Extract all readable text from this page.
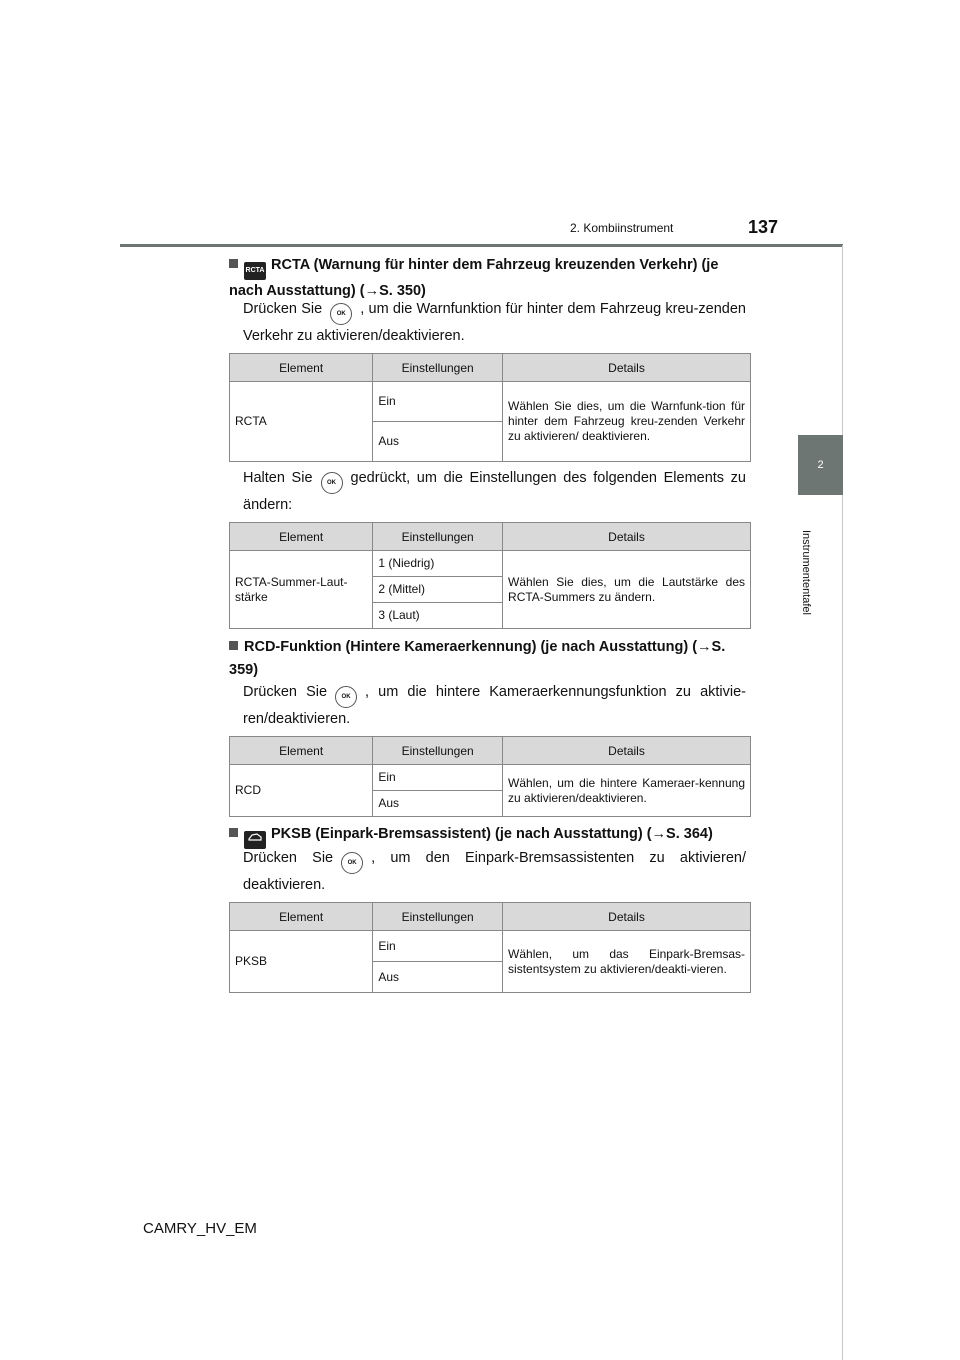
2. Kombiinstrument	137
2
Instrumententafel
RCTA RCTA (Warnung für hinter dem Fahrzeug kreuzenden Verkehr) (je nach Ausstattung) (→S. 350)
Drücken Sie OK , um die Warnfunktion für hinter dem Fahrzeug kreu-zenden Verkehr zu aktivieren/deaktivieren.
Element	Einstellungen	Details
RCTA	Ein	Wählen Sie dies, um die Warnfunk-tion für hinter dem Fahrzeug kreu-zenden Verkehr zu aktivieren/ deaktivieren.
	Aus	
Halten Sie OK gedrückt, um die Einstellungen des folgenden Elements zu ändern:
Element	Einstellungen	Details
RCTA-Summer-Laut-stärke	1 (Niedrig)	Wählen Sie dies, um die Lautstärke des RCTA-Summers zu ändern.
	2 (Mittel)	
	3 (Laut)	
RCD-Funktion (Hintere Kameraerkennung) (je nach Ausstattung) (→S. 359)
Drücken Sie OK , um die hintere Kameraerkennungsfunktion zu aktivie-ren/deaktivieren.
Element	Einstellungen	Details
RCD	Ein	Wählen, um die hintere Kameraer-kennung zu aktivieren/deaktivieren.
	Aus	
PKSB (Einpark-Bremsassistent) (je nach Ausstattung) (→S. 364)
Drücken Sie OK , um den Einpark-Bremsassistenten zu aktivieren/ deaktivieren.
Element	Einstellungen	Details
PKSB	Ein	Wählen, um das Einpark-Bremsas-sistentsystem zu aktivieren/deakti-vieren.
	Aus	
CAMRY_HV_EM
